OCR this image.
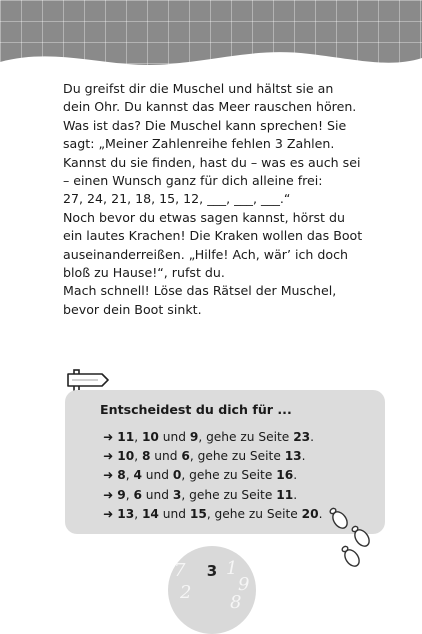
Du greifst dir die Muschel und hältst sie an dein Ohr. Du kannst das Meer rauschen hören. Was ist das? Die Muschel kann sprechen! Sie sagt: „Meiner Zahlenreihe fehlen 3 Zahlen. Kannst du sie finden, hast du – was es auch sei – einen Wunsch ganz für dich alleine frei:

27, 24, 21, 18, 15, 12, ___, ___, ___.“

Noch bevor du etwas sagen kannst, hörst du ein lautes Krachen! Die Kraken wollen das Boot auseinanderreißen. „Hilfe! Ach, wär’ ich doch bloß zu Hause!“, rufst du.

Mach schnell! Löse das Rätsel der Muschel, bevor dein Boot sinkt.

Entscheidest du dich für ...
➜ 11, 10 und 9, gehe zu Seite 23.
➜ 10, 8 und 6, gehe zu Seite 13.
➜ 8, 4 und 0, gehe zu Seite 16.
➜ 9, 6 und 3, gehe zu Seite 11.
➜ 13, 14 und 15, gehe zu Seite 20.
7 1
9
2 8
3
